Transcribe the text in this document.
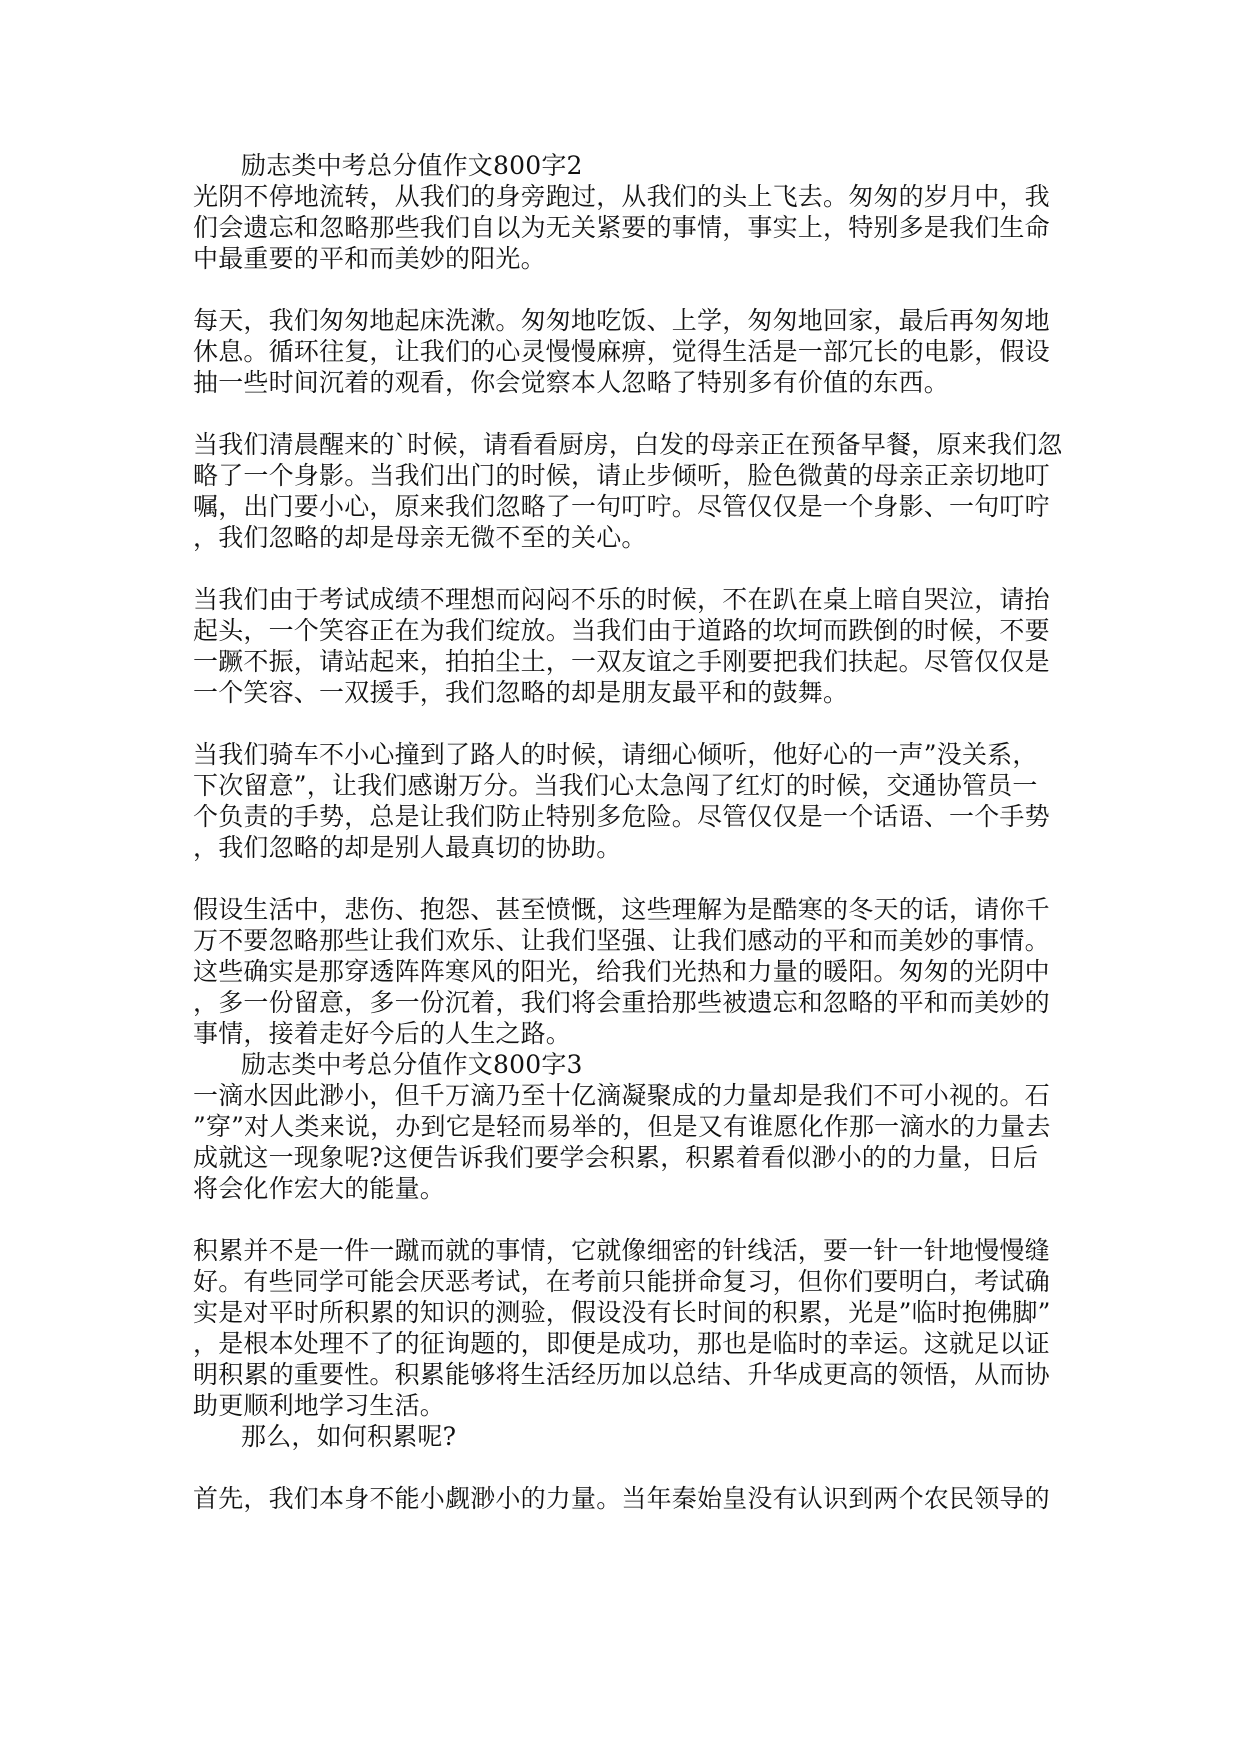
励志类中考总分值作文800字2
光阴不停地流转，从我们的身旁跑过，从我们的头上飞去。匆匆的岁月中，我
们会遗忘和忽略那些我们自以为无关紧要的事情，事实上，特别多是我们生命
中最重要的平和而美妙的阳光。
每天，我们匆匆地起床洗漱。匆匆地吃饭、上学，匆匆地回家，最后再匆匆地
休息。循环往复，让我们的心灵慢慢麻痹，觉得生活是一部冗长的电影，假设
抽一些时间沉着的观看，你会觉察本人忽略了特别多有价值的东西。
当我们清晨醒来的`时候，请看看厨房，白发的母亲正在预备早餐，原来我们忽
略了一个身影。当我们出门的时候，请止步倾听，脸色微黄的母亲正亲切地叮
嘱，出门要小心，原来我们忽略了一句叮咛。尽管仅仅是一个身影、一句叮咛
，我们忽略的却是母亲无微不至的关心。
当我们由于考试成绩不理想而闷闷不乐的时候，不在趴在桌上暗自哭泣，请抬
起头，一个笑容正在为我们绽放。当我们由于道路的坎坷而跌倒的时候，不要
一蹶不振，请站起来，拍拍尘土，一双友谊之手刚要把我们扶起。尽管仅仅是
一个笑容、一双援手，我们忽略的却是朋友最平和的鼓舞。
当我们骑车不小心撞到了路人的时候，请细心倾听，他好心的一声”没关系，
下次留意”，让我们感谢万分。当我们心太急闯了红灯的时候，交通协管员一
个负责的手势，总是让我们防止特别多危险。尽管仅仅是一个话语、一个手势
，我们忽略的却是别人最真切的协助。
假设生活中，悲伤、抱怨、甚至愤慨，这些理解为是酷寒的冬天的话，请你千
万不要忽略那些让我们欢乐、让我们坚强、让我们感动的平和而美妙的事情。
这些确实是那穿透阵阵寒风的阳光，给我们光热和力量的暖阳。匆匆的光阴中
，多一份留意，多一份沉着，我们将会重拾那些被遗忘和忽略的平和而美妙的
事情，接着走好今后的人生之路。
励志类中考总分值作文800字3
一滴水因此渺小，但千万滴乃至十亿滴凝聚成的力量却是我们不可小视的。石
”穿”对人类来说，办到它是轻而易举的，但是又有谁愿化作那一滴水的力量去
成就这一现象呢?这便告诉我们要学会积累，积累着看似渺小的的力量，日后
将会化作宏大的能量。
积累并不是一件一蹴而就的事情，它就像细密的针线活，要一针一针地慢慢缝
好。有些同学可能会厌恶考试，在考前只能拼命复习，但你们要明白，考试确
实是对平时所积累的知识的测验，假设没有长时间的积累，光是”临时抱佛脚”
，是根本处理不了的征询题的，即便是成功，那也是临时的幸运。这就足以证
明积累的重要性。积累能够将生活经历加以总结、升华成更高的领悟，从而协
助更顺利地学习生活。
那么，如何积累呢?
首先，我们本身不能小觑渺小的力量。当年秦始皇没有认识到两个农民领导的
